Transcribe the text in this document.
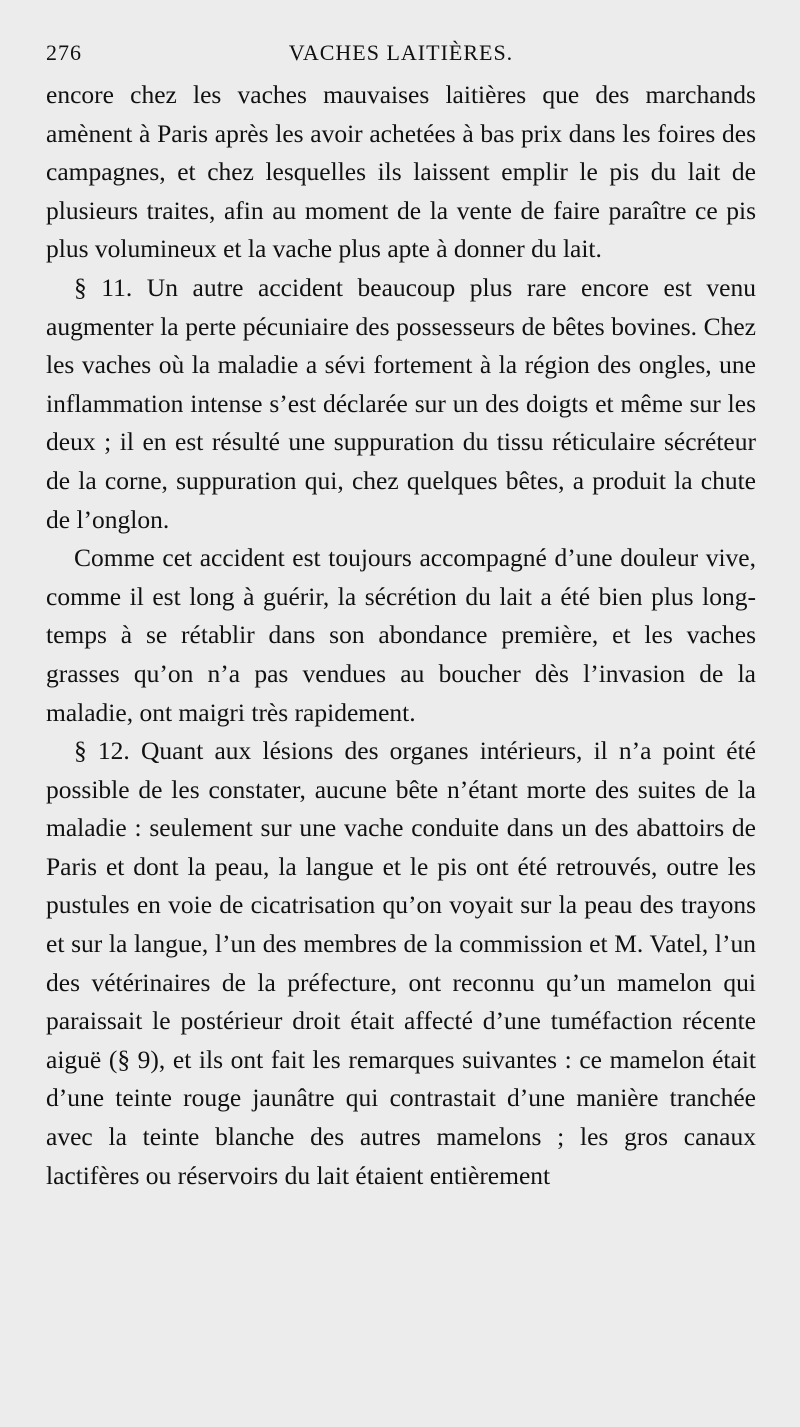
276	VACHES LAITIÈRES.

encore chez les vaches mauvaises laitières que des marchands amènent à Paris après les avoir achetées à bas prix dans les foires des campagnes, et chez lesquelles ils laissent emplir le pis du lait de plusieurs traites, afin au moment de la vente de faire paraître ce pis plus volumineux et la vache plus apte à donner du lait.

§ 11. Un autre accident beaucoup plus rare encore est venu augmenter la perte pécuniaire des possesseurs de bêtes bovines. Chez les vaches où la maladie a sévi fortement à la région des ongles, une inflammation intense s’est déclarée sur un des doigts et même sur les deux ; il en est résulté une suppuration du tissu réticulaire sécréteur de la corne, suppuration qui, chez quelques bêtes, a produit la chute de l’onglon.

Comme cet accident est toujours accompagné d’une douleur vive, comme il est long à guérir, la sécrétion du lait a été bien plus long-temps à se rétablir dans son abondance première, et les vaches grasses qu’on n’a pas vendues au boucher dès l’invasion de la maladie, ont maigri très rapidement.

§ 12. Quant aux lésions des organes intérieurs, il n’a point été possible de les constater, aucune bête n’étant morte des suites de la maladie : seulement sur une vache conduite dans un des abattoirs de Paris et dont la peau, la langue et le pis ont été retrouvés, outre les pustules en voie de cicatrisation qu’on voyait sur la peau des trayons et sur la langue, l’un des membres de la commission et M. Vatel, l’un des vétérinaires de la préfecture, ont reconnu qu’un mamelon qui paraissait le postérieur droit était affecté d’une tuméfaction récente aiguë (§ 9), et ils ont fait les remarques suivantes : ce mamelon était d’une teinte rouge jaunâtre qui contrastait d’une manière tranchée avec la teinte blanche des autres mamelons ; les gros canaux lactifères ou réservoirs du lait étaient entièrement
